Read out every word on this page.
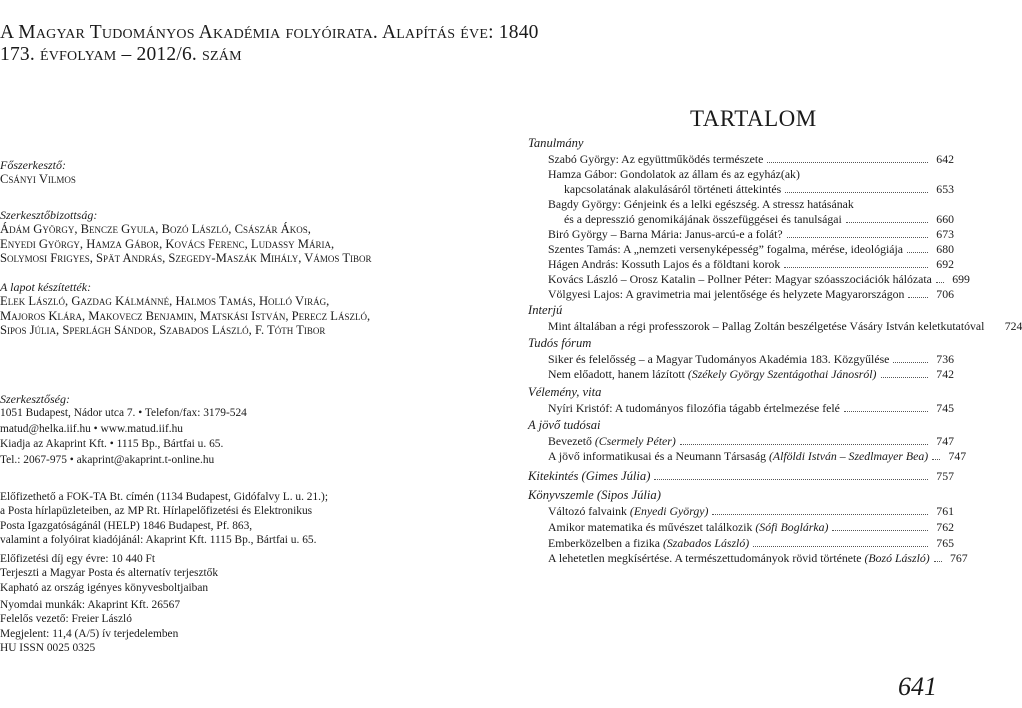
A Magyar Tudományos Akadémia folyóirata. Alapítás éve: 1840
173. évfolyam – 2012/6. szám
Főszerkesztő:
Csányi Vilmos
Szerkesztőbizottság:
Ádám György, Bencze Gyula, Bozó László, Császár Ákos,
Enyedi György, Hamza Gábor, Kovács Ferenc, Ludassy Mária,
Solymosi Frigyes, Spät András, Szegedy-Maszák Mihály, Vámos Tibor
A lapot készítették:
Elek László, Gazdag Kálmánné, Halmos Tamás, Holló Virág,
Majoros Klára, Makovecz Benjamin, Matskási István, Perecz László,
Sipos Júlia, Sperlágh Sándor, Szabados László, F. Tóth Tibor
Szerkesztőség:
1051 Budapest, Nádor utca 7. • Telefon/fax: 3179-524
matud@helka.iif.hu • www.matud.iif.hu
Kiadja az Akaprint Kft. • 1115 Bp., Bártfai u. 65.
Tel.: 2067-975 • akaprint@akaprint.t-online.hu
Előfizethető a FOK-TA Bt. címén (1134 Budapest, Gidófalvy L. u. 21.);
a Posta hírlapüzleteiben, az MP Rt. Hírlapelőfizetési és Elektronikus
Posta Igazgatóságánál (HELP) 1846 Budapest, Pf. 863,
valamint a folyóirat kiadójánál: Akaprint Kft. 1115 Bp., Bártfai u. 65.
Előfizetési díj egy évre: 10 440 Ft
Terjeszti a Magyar Posta és alternatív terjesztők
Kapható az ország igényes könyvesboltjaiban
Nyomdai munkák: Akaprint Kft. 26567
Felelős vezető: Freier László
Megjelent: 11,4 (A/5) ív terjedelemben
HU ISSN 0025 0325
TARTALOM
Tanulmány
Szabó György: Az együttműködés természete	642
Hamza Gábor: Gondolatok az állam és az egyház(ak)
kapcsolatának alakulásáról történeti áttekintés	653
Bagdy György: Génjeink és a lelki egészség. A stressz hatásának
és a depresszió genomikájának összefüggései és tanulságai	660
Biró György – Barna Mária: Janus-arcú-e a folát?	673
Szentes Tamás: A „nemzeti versenyképesség” fogalma, mérése, ideológiája	680
Hágen András: Kossuth Lajos és a földtani korok	692
Kovács László – Orosz Katalin – Pollner Péter: Magyar szóasszociációk hálózata	699
Völgyesi Lajos: A gravimetria mai jelentősége és helyzete Magyarországon	706
Interjú
Mint általában a régi professzorok – Pallag Zoltán beszélgetése Vásáry István keletkutatóval	724
Tudós fórum
Siker és felelősség – a Magyar Tudományos Akadémia 183. Közgyűlése	736
Nem előadott, hanem lázított
(Székely György Szentágothai Jánosról)	742
Vélemény, vita
Nyíri Kristóf: A tudományos filozófia tágabb értelmezése felé	745
A jövő tudósai
Bevezető
(Csermely Péter)	747
A jövő informatikusai és a Neumann Társaság
(Alföldi István – Szedlmayer Bea)	747
Kitekintés (Gimes Júlia)	757
Könyvszemle (Sipos Júlia)
Változó falvaink
(Enyedi György)	761
Amikor matematika és művészet találkozik
(Sófi Boglárka)	762
Emberközelben a fizika
(Szabados László)	765
A lehetetlen megkísértése. A természettudományok rövid története
(Bozó László)	767
641
